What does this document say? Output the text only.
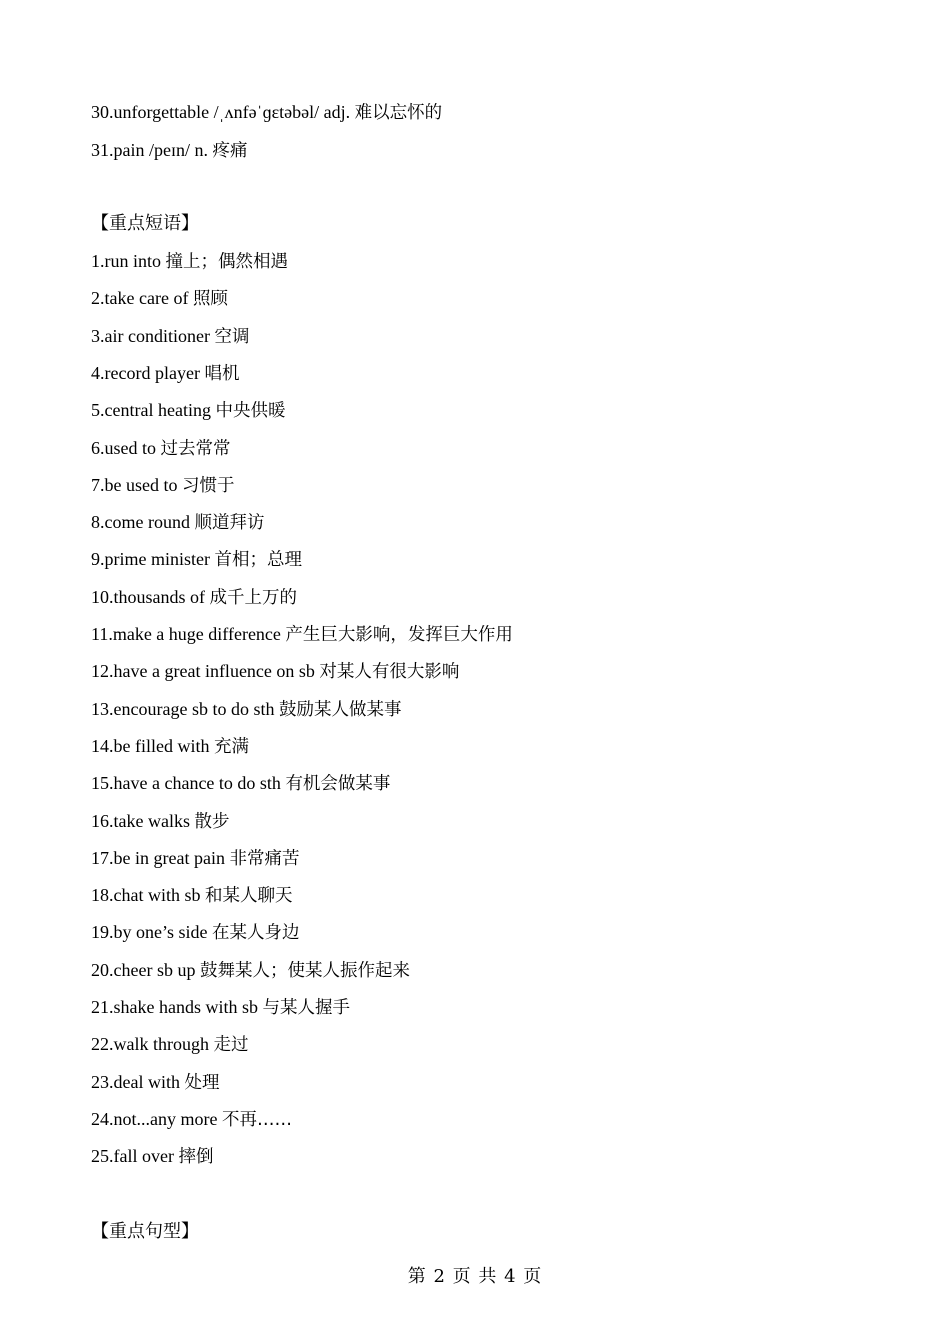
30.unforgettable /ˌʌnfəˈɡɛtəbəl/ adj. 难以忘怀的
31.pain /peɪn/ n. 疼痛
【重点短语】
1.run into 撞上；偶然相遇
2.take care of 照顾
3.air conditioner 空调
4.record player 唱机
5.central heating 中央供暖
6.used to 过去常常
7.be used to 习惯于
8.come round 顺道拜访
9.prime minister 首相；总理
10.thousands of 成千上万的
11.make a huge difference 产生巨大影响，发挥巨大作用
12.have a great influence on sb 对某人有很大影响
13.encourage sb to do sth 鼓励某人做某事
14.be filled with 充满
15.have a chance to do sth 有机会做某事
16.take walks 散步
17.be in great pain 非常痛苦
18.chat with sb 和某人聊天
19.by one’s side 在某人身边
20.cheer sb up 鼓舞某人；使某人振作起来
21.shake hands with sb 与某人握手
22.walk through 走过
23.deal with 处理
24.not...any more 不再……
25.fall over 摔倒
【重点句型】
第 2 页 共 4 页
